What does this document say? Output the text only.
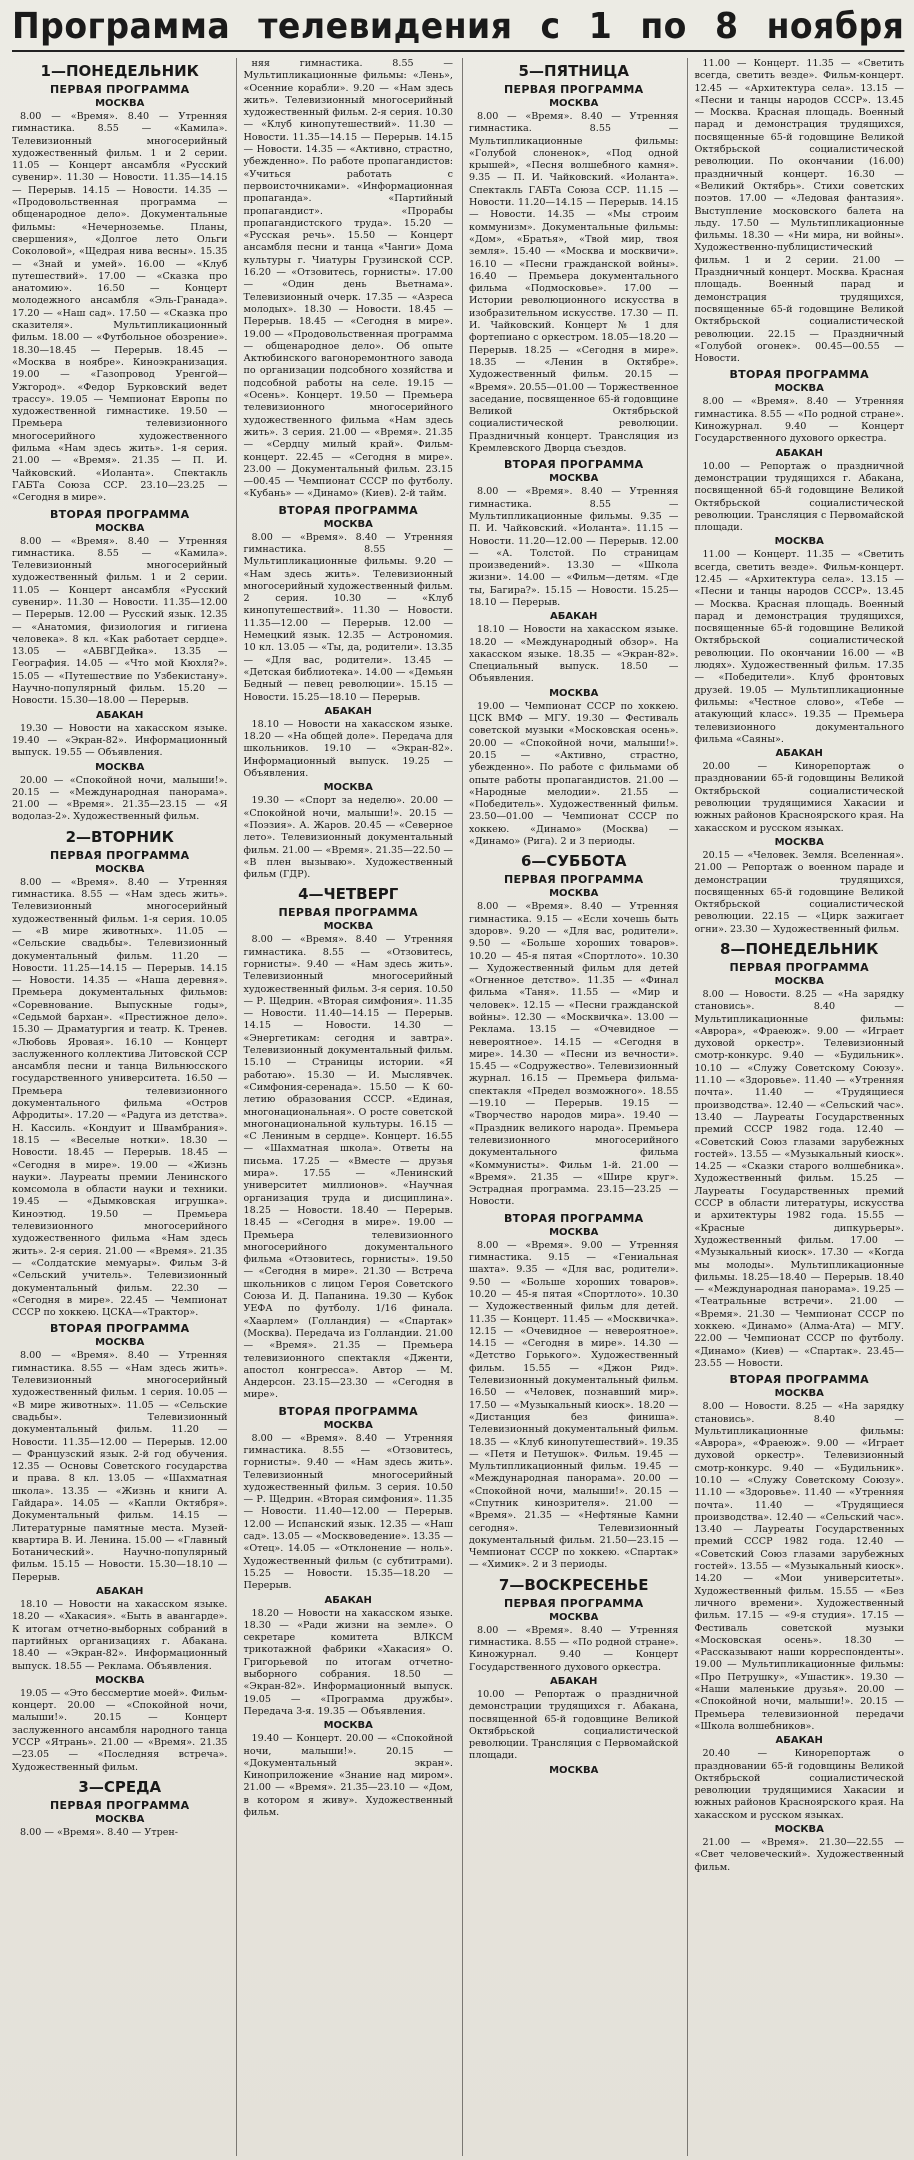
Программа телевидения с 1 по 8 ноября
1—ПОНЕДЕЛЬНИК
ПЕРВАЯ ПРОГРАММА
МОСКВА

8.00 — «Время». 8.40 — Утренняя гимнастика. 8.55 — «Камила». Телевизионный многосерийный художественный фильм. 1 и 2 серии. 11.05 — Концерт ансамбля «Русский сувенир». 11.30 — Новости. 11.35—14.15 — Перерыв. 14.15 — Новости. 14.35 — «Продовольственная программа — общенародное дело». Документальные фильмы: «Нечерноземье. Планы, свершения», «Долгое лето Ольги Соколовой», «Щедрая нива весны». 15.35 — «Знай и умей». 16.00 — «Клуб путешествий». 17.00 — «Сказка про анатомию». 16.50 — Концерт молодежного ансамбля «Эль-Гранада». 17.20 — «Наш сад». 17.50 — «Сказка про сказителя». Мультипликационный фильм. 18.00 — «Футбольное обозрение». 18.30—18.45 — Перерыв. 18.45 — «Москва в ноябре». Киноэкранизация. 19.00 — «Газопровод Уренгой—Ужгород». «Федор Бурковский ведет трассу». 19.05 — Чемпионат Европы по художественной гимнастике. 19.50 — Премьера телевизионного многосерийного художественного фильма «Нам здесь жить». 1-я серия. 21.00 — «Время». 21.35 — П. И. Чайковский. «Иоланта». Спектакль ГАБТа Союза ССР. 23.10—23.25 — «Сегодня в мире».

ВТОРАЯ ПРОГРАММА
МОСКВА

8.00 — «Время». 8.40 — Утренняя гимнастика. 8.55 — «Камила». Телевизионный многосерийный художественный фильм. 1 и 2 серии. 11.05 — Концерт ансамбля «Русский сувенир». 11.30 — Новости. 11.35—12.00 — Перерыв. 12.00 — Русский язык. 12.35 — «Анатомия, физиология и гигиена человека». 8 кл. «Как работает сердце». 13.05 — «АБВГДейка». 13.35 — География. 14.05 — «Что мой Кюхля?». 15.05 — «Путешествие по Узбекистану». Научно-популярный фильм. 15.20 — Новости. 15.30—18.00 — Перерыв.

АБАКАН

19.30 — Новости на хакасском языке. 19.40 — «Экран-82». Информационный выпуск. 19.55 — Объявления.

МОСКВА

20.00 — «Спокойной ночи, малыши!». 20.15 — «Международная панорама». 21.00 — «Время». 21.35—23.15 — «Я водолаз-2». Художественный фильм.

2—ВТОРНИК
ПЕРВАЯ ПРОГРАММА
МОСКВА

8.00 — «Время». 8.40 — Утренняя гимнастика. 8.55 — «Нам здесь жить». Телевизионный многосерийный художественный фильм. 1-я серия. 10.05 — «В мире животных». 11.05 — «Сельские свадьбы». Телевизионный документальный фильм. 11.20 — Новости. 11.25—14.15 — Перерыв. 14.15 — Новости. 14.35 — «Наша деревня». Премьера документальных фильмов: «Соревнование. Выпускные годы», «Седьмой бархан». «Престижное дело». 15.30 — Драматургия и театр. К. Тренев. «Любовь Яровая». 16.10 — Концерт заслуженного коллектива Литовской ССР ансамбля песни и танца Вильнюсского государственного университета. 16.50 — Премьера телевизионного документального фильма «Остров Афродиты». 17.20 — «Радуга из детства». Н. Кассиль. «Кондуит и Швамбрания». 18.15 — «Веселые нотки». 18.30 — Новости. 18.45 — Перерыв. 18.45 — «Сегодня в мире». 19.00 — «Жизнь науки». Лауреаты премии Ленинского комсомола в области науки и техники. 19.45 — «Дымковская игрушка». Киноэтюд. 19.50 — Премьера телевизионного многосерийного художественного фильма «Нам здесь жить». 2-я серия. 21.00 — «Время». 21.35 — «Солдатские мемуары». Фильм 3-й «Сельский учитель». Телевизионный документальный фильм. 22.30 — «Сегодня в мире». 22.45 — Чемпионат СССР по хоккею. ЦСКА—«Трактор».

ВТОРАЯ ПРОГРАММА
МОСКВА

8.00 — «Время». 8.40 — Утренняя гимнастика. 8.55 — «Нам здесь жить». Телевизионный многосерийный художественный фильм. 1 серия. 10.05 — «В мире животных». 11.05 — «Сельские свадьбы». Телевизионный документальный фильм. 11.20 — Новости. 11.35—12.00 — Перерыв. 12.00 — Французский язык. 2-й год обучения. 12.35 — Основы Советского государства и права. 8 кл. 13.05 — «Шахматная школа». 13.35 — «Жизнь и книги А. Гайдара». 14.05 — «Капли Октября». Документальный фильм. 14.15 — Литературные памятные места. Музей-квартира В. И. Ленина. 15.00 — «Главный Ботанический». Научно-популярный фильм. 15.15 — Новости. 15.30—18.10 — Перерыв.

АБАКАН

18.10 — Новости на хакасском языке. 18.20 — «Хакасия». «Быть в авангарде». К итогам отчетно-выборных собраний в партийных организациях г. Абакана. 18.40 — «Экран-82». Информационный выпуск. 18.55 — Реклама. Объявления.

МОСКВА

19.05 — «Это бессмертие моей». Фильм-концерт. 20.00 — «Спокойной ночи, малыши!». 20.15 — Концерт заслуженного ансамбля народного танца УССР «Ятрань». 21.00 — «Время». 21.35—23.05 — «Последняя встреча». Художественный фильм.

3—СРЕДА
ПЕРВАЯ ПРОГРАММА
МОСКВА

8.00 — «Время». 8.40 — Утрен-

няя гимнастика. 8.55 — Мультипликационные фильмы: «Лень», «Осенние корабли». 9.20 — «Нам здесь жить». Телевизионный многосерийный художественный фильм. 2-я серия. 10.30 — «Клуб кинопутешествий». 11.30 — Новости. 11.35—14.15 — Перерыв. 14.15 — Новости. 14.35 — «Активно, страстно, убежденно». По работе пропагандистов: «Учиться работать с первоисточниками». «Информационная пропаганда». «Партийный пропагандист». «Прорабы пропагандистского труда». 15.20 — «Русская речь». 15.50 — Концерт ансамбля песни и танца «Чанги» Дома культуры г. Чиатуры Грузинской ССР. 16.20 — «Отзовитесь, горнисты». 17.00 — «Один день Вьетнама». Телевизионный очерк. 17.35 — «Азреса молодых». 18.30 — Новости. 18.45 — Перерыв. 18.45 — «Сегодня в мире». 19.00 — «Продовольственная программа — общенародное дело». Об опыте Актюбинского вагоноремонтного завода по организации подсобного хозяйства и подсобной работы на селе. 19.15 — «Осень». Концерт. 19.50 — Премьера телевизионного многосерийного художественного фильма «Нам здесь жить». 3 серия. 21.00 — «Время». 21.35 — «Сердцу милый край». Фильм-концерт. 22.45 — «Сегодня в мире». 23.00 — Документальный фильм. 23.15—00.45 — Чемпионат СССР по футболу. «Кубань» — «Динамо» (Киев). 2-й тайм.

ВТОРАЯ ПРОГРАММА
МОСКВА

8.00 — «Время». 8.40 — Утренняя гимнастика. 8.55 — Мультипликационные фильмы. 9.20 — «Нам здесь жить». Телевизионный многосерийный художественный фильм. 2 серия. 10.30 — «Клуб кинопутешествий». 11.30 — Новости. 11.35—12.00 — Перерыв. 12.00 — Немецкий язык. 12.35 — Астрономия. 10 кл. 13.05 — «Ты, да, родители». 13.35 — «Для вас, родители». 13.45 — «Детская библиотека». 14.00 — «Демьян Бедный — певец революции». 15.15 — Новости. 15.25—18.10 — Перерыв.

АБАКАН

18.10 — Новости на хакасском языке. 18.20 — «На общей доле». Передача для школьников. 19.10 — «Экран-82». Информационный выпуск. 19.25 — Объявления.

МОСКВА

19.30 — «Спорт за неделю». 20.00 — «Спокойной ночи, малыши!». 20.15 — «Поэзия». А. Жаров. 20.45 — «Северное лето». Телевизионный документальный фильм. 21.00 — «Время». 21.35—22.50 — «В плен вызываю». Художественный фильм (ГДР).

4—ЧЕТВЕРГ
ПЕРВАЯ ПРОГРАММА
МОСКВА

8.00 — «Время». 8.40 — Утренняя гимнастика. 8.55 — «Отзовитесь, горнисты». 9.40 — «Нам здесь жить». Телевизионный многосерийный художественный фильм. 3-я серия. 10.50 — Р. Щедрин. «Вторая симфония». 11.35 — Новости. 11.40—14.15 — Перерыв. 14.15 — Новости. 14.30 — «Энергетикам: сегодня и завтра». Телевизионный документальный фильм. 15.10 — Страницы истории. «Я работаю». 15.30 — И. Мыслявчек. «Симфония-серенада». 15.50 — К 60-летию образования СССР. «Единая, многонациональная». О росте советской многонациональной культуры. 16.15 — «С Лениным в сердце». Концерт. 16.55 — «Шахматная школа». Ответы на письма. 17.25 — «Вместе — друзья мира». 17.55 — «Ленинский университет миллионов». «Научная организация труда и дисциплина». 18.25 — Новости. 18.40 — Перерыв. 18.45 — «Сегодня в мире». 19.00 — Премьера телевизионного многосерийного документального фильма «Отзовитесь, горнисты». 19.50 — «Сегодня в мире». 21.30 — Встреча школьников с лицом Героя Советского Союза И. Д. Папанина. 19.30 — Кубок УЕФА по футболу. 1/16 финала. «Хаарлем» (Голландия) — «Спартак» (Москва). Передача из Голландии. 21.00 — «Время». 21.35 — Премьера телевизионного спектакля «Дженти, апостол конгресса». Автор — М. Андерсон. 23.15—23.30 — «Сегодня в мире».

ВТОРАЯ ПРОГРАММА
МОСКВА

8.00 — «Время». 8.40 — Утренняя гимнастика. 8.55 — «Отзовитесь, горнисты». 9.40 — «Нам здесь жить». Телевизионный многосерийный художественный фильм. 3 серия. 10.50 — Р. Щедрин. «Вторая симфония». 11.35 — Новости. 11.40—12.00 — Перерыв. 12.00 — Испанский язык. 12.35 — «Наш сад». 13.05 — «Москвоведение». 13.35 — «Отец». 14.05 — «Отклонение — ноль». Художественный фильм (с субтитрами). 15.25 — Новости. 15.35—18.20 — Перерыв.

АБАКАН

18.20 — Новости на хакасском языке. 18.30 — «Ради жизни на земле». О секретаре комитета ВЛКСМ трикотажной фабрики «Хакасия» О. Григорьевой по итогам отчетно-выборного собрания. 18.50 — «Экран-82». Информационный выпуск. 19.05 — «Программа дружбы». Передача 3-я. 19.35 — Объявления.

МОСКВА

19.40 — Концерт. 20.00 — «Спокойной ночи, малыши!». 20.15 — «Документальный экран». Киноприложение «Знание над миром». 21.00 — «Время». 21.35—23.10 — «Дом, в котором я живу». Художественный фильм.

5—ПЯТНИЦА
ПЕРВАЯ ПРОГРАММА
МОСКВА

8.00 — «Время». 8.40 — Утренняя гимнастика. 8.55 — Мультипликационные фильмы: «Голубой слоненок», «Под одной крышей», «Песня волшебного камня». 9.35 — П. И. Чайковский. «Иоланта». Спектакль ГАБТа Союза ССР. 11.15 — Новости. 11.20—14.15 — Перерыв. 14.15 — Новости. 14.35 — «Мы строим коммунизм». Документальные фильмы: «Дом», «Братья», «Твой мир, твоя земля». 15.40 — «Москва и москвичи». 16.10 — «Песни гражданской войны». 16.40 — Премьера документального фильма «Подмосковье». 17.00 — Истории революционного искусства в изобразительном искусстве. 17.30 — П. И. Чайковский. Концерт № 1 для фортепиано с оркестром. 18.05—18.20 — Перерыв. 18.25 — «Сегодня в мире». 18.35 — «Ленин в Октябре». Художественный фильм. 20.15 — «Время». 20.55—01.00 — Торжественное заседание, посвященное 65-й годовщине Великой Октябрьской социалистической революции. Праздничный концерт. Трансляция из Кремлевского Дворца съездов.

ВТОРАЯ ПРОГРАММА
МОСКВА

8.00 — «Время». 8.40 — Утренняя гимнастика. 8.55 — Мультипликационные фильмы. 9.35 — П. И. Чайковский. «Иоланта». 11.15 — Новости. 11.20—12.00 — Перерыв. 12.00 — «А. Толстой. По страницам произведений». 13.30 — «Школа жизни». 14.00 — «Фильм—детям. «Где ты, Багира?». 15.15 — Новости. 15.25—18.10 — Перерыв.

АБАКАН

18.10 — Новости на хакасском языке. 18.20 — «Международный обзор». На хакасском языке. 18.35 — «Экран-82». Специальный выпуск. 18.50 — Объявления.

МОСКВА

19.00 — Чемпионат СССР по хоккею. ЦСК ВМФ — МГУ. 19.30 — Фестиваль советской музыки «Московская осень». 20.00 — «Спокойной ночи, малыши!». 20.15 — «Активно, страстно, убежденно». По работе с фильмами об опыте работы пропагандистов. 21.00 — «Народные мелодии». 21.55 — «Победитель». Художественный фильм. 23.50—01.00 — Чемпионат СССР по хоккею. «Динамо» (Москва) — «Динамо» (Рига). 2 и 3 периоды.

6—СУББОТА
ПЕРВАЯ ПРОГРАММА
МОСКВА

8.00 — «Время». 8.40 — Утренняя гимнастика. 9.15 — «Если хочешь быть здоров». 9.20 — «Для вас, родители». 9.50 — «Больше хороших товаров». 10.20 — 45-я пятая «Спортлото». 10.30 — Художественный фильм для детей «Огненное детство». 11.35 — «Финал фильма «Таня». 11.55 — «Мир и человек». 12.15 — «Песни гражданской войны». 12.30 — «Москвичка». 13.00 — Реклама. 13.15 — «Очевидное — невероятное». 14.15 — «Сегодня в мире». 14.30 — «Песни из вечности». 15.45 — «Содружество». Телевизионный журнал. 16.15 — Премьера фильма-спектакля «Предел возможного». 18.55—19.10 — Перерыв. 19.15 — «Творчество народов мира». 19.40 — «Праздник великого народа». Премьера телевизионного многосерийного документального фильма «Коммунисты». Фильм 1-й. 21.00 — «Время». 21.35 — «Шире круг». Эстрадная программа. 23.15—23.25 — Новости.

ВТОРАЯ ПРОГРАММА
МОСКВА

8.00 — «Время». 9.00 — Утренняя гимнастика. 9.15 — «Гениальная шахта». 9.35 — «Для вас, родители». 9.50 — «Больше хороших товаров». 10.20 — 45-я пятая «Спортлото». 10.30 — Художественный фильм для детей. 11.35 — Концерт. 11.45 — «Москвичка». 12.15 — «Очевидное — невероятное». 14.15 — «Сегодня в мире». 14.30 — «Детство Горького». Художественный фильм. 15.55 — «Джон Рид». Телевизионный документальный фильм. 16.50 — «Человек, познавший мир». 17.50 — «Музыкальный киоск». 18.20 — «Дистанция без финиша». Телевизионный документальный фильм. 18.35 — «Клуб кинопутешествий». 19.35 — «Петя и Петушок». Фильм. 19.45 — Мультипликационный фильм. 19.45 — «Международная панорама». 20.00 — «Спокойной ночи, малыши!». 20.15 — «Спутник кинозрителя». 21.00 — «Время». 21.35 — «Нефтяные Камни сегодня». Телевизионный документальный фильм. 21.50—23.15 — Чемпионат СССР по хоккею. «Спартак» — «Химик». 2 и 3 периоды.

7—ВОСКРЕСЕНЬЕ
ПЕРВАЯ ПРОГРАММА
МОСКВА

8.00 — «Время». 8.40 — Утренняя гимнастика. 8.55 — «По родной стране». Киножурнал. 9.40 — Концерт Государственного духового оркестра.

АБАКАН

10.00 — Репортаж о праздничной демонстрации трудящихся г. Абакана, посвященной 65-й годовщине Великой Октябрьской социалистической революции. Трансляция с Первомайской площади.

МОСКВА

11.00 — Концерт. 11.35 — «Светить всегда, светить везде». Фильм-концерт. 12.45 — «Архитектура села». 13.15 — «Песни и танцы народов СССР». 13.45 — Москва. Красная площадь. Военный парад и демонстрация трудящихся, посвященные 65-й годовщине Великой Октябрьской социалистической революции. По окончании (16.00) праздничный концерт. 16.30 — «Великий Октябрь». Стихи советских поэтов. 17.00 — «Ледовая фантазия». Выступление московского балета на льду. 17.50 — Мультипликационные фильмы. 18.30 — «Ни мира, ни войны». Художественно-публицистический фильм. 1 и 2 серии. 21.00 — Праздничный концерт. Москва. Красная площадь. Военный парад и демонстрация трудящихся, посвященные 65-й годовщине Великой Октябрьской социалистической революции. 22.15 — Праздничный «Голубой огонек». 00.45—00.55 — Новости.

ВТОРАЯ ПРОГРАММА
МОСКВА

8.00 — «Время». 8.40 — Утренняя гимнастика. 8.55 — «По родной стране». Киножурнал. 9.40 — Концерт Государственного духового оркестра.

АБАКАН

10.00 — Репортаж о праздничной демонстрации трудящихся г. Абакана, посвященной 65-й годовщине Великой Октябрьской социалистической революции. Трансляция с Первомайской площади.

МОСКВА

11.00 — Концерт. 11.35 — «Светить всегда, светить везде». Фильм-концерт. 12.45 — «Архитектура села». 13.15 — «Песни и танцы народов СССР». 13.45 — Москва. Красная площадь. Военный парад и демонстрация трудящихся, посвященные 65-й годовщине Великой Октябрьской социалистической революции. По окончании 16.00 — «В людях». Художественный фильм. 17.35 — «Победители». Клуб фронтовых друзей. 19.05 — Мультипликационные фильмы: «Честное слово», «Тебе — атакующий класс». 19.35 — Премьера телевизионного документального фильма «Саяны».

АБАКАН

20.00 — Кинорепортаж о праздновании 65-й годовщины Великой Октябрьской социалистической революции трудящимися Хакасии и южных районов Красноярского края. На хакасском и русском языках.

МОСКВА

20.15 — «Человек. Земля. Вселенная». 21.00 — Репортаж о военном параде и демонстрации трудящихся, посвященных 65-й годовщине Великой Октябрьской социалистической революции. 22.15 — «Цирк зажигает огни». 23.30 — Художественный фильм.

8—ПОНЕДЕЛЬНИК
ПЕРВАЯ ПРОГРАММА
МОСКВА

8.00 — Новости. 8.25 — «На зарядку становись». 8.40 — Мультипликационные фильмы: «Аврора», «Фраеюж». 9.00 — «Играет духовой оркестр». Телевизионный смотр-конкурс. 9.40 — «Будильник». 10.10 — «Служу Советскому Союзу». 11.10 — «Здоровье». 11.40 — «Утренняя почта». 11.40 — «Трудящиеся производства». 12.40 — «Сельский час». 13.40 — Лауреаты Государственных премий СССР 1982 года. 12.40 — «Советский Союз глазами зарубежных гостей». 13.55 — «Музыкальный киоск». 14.25 — «Сказки старого волшебника». Художественный фильм. 15.25 — Лауреаты Государственных премий СССР в области литературы, искусства и архитектуры 1982 года. 15.55 — «Красные дипкурьеры». Художественный фильм. 17.00 — «Музыкальный киоск». 17.30 — «Когда мы молоды». Мультипликационные фильмы. 18.25—18.40 — Перерыв. 18.40 — «Международная панорама». 19.25 — «Театральные встречи». 21.00 — «Время». 21.30 — Чемпионат СССР по хоккею. «Динамо» (Алма-Ата) — МГУ. 22.00 — Чемпионат СССР по футболу. «Динамо» (Киев) — «Спартак». 23.45—23.55 — Новости.

ВТОРАЯ ПРОГРАММА
МОСКВА

8.00 — Новости. 8.25 — «На зарядку становись». 8.40 — Мультипликационные фильмы: «Аврора», «Фраеюж». 9.00 — «Играет духовой оркестр». Телевизионный смотр-конкурс. 9.40 — «Будильник». 10.10 — «Служу Советскому Союзу». 11.10 — «Здоровье». 11.40 — «Утренняя почта». 11.40 — «Трудящиеся производства». 12.40 — «Сельский час». 13.40 — Лауреаты Государственных премий СССР 1982 года. 12.40 — «Советский Союз глазами зарубежных гостей». 13.55 — «Музыкальный киоск». 14.20 — «Мои университеты». Художественный фильм. 15.55 — «Без личного времени». Художественный фильм. 17.15 — «9-я студия». 17.15 — Фестиваль советской музыки «Московская осень». 18.30 — «Рассказывают наши корреспонденты». 19.00 — Мультипликационные фильмы: «Про Петрушку», «Ушастик». 19.30 — «Наши маленькие друзья». 20.00 — «Спокойной ночи, малыши!». 20.15 — Премьера телевизионной передачи «Школа волшебников».

АБАКАН

20.40 — Кинорепортаж о праздновании 65-й годовщины Великой Октябрьской социалистической революции трудящимися Хакасии и южных районов Красноярского края. На хакасском и русском языках.

МОСКВА

21.00 — «Время». 21.30—22.55 — «Свет человеческий». Художественный фильм.
